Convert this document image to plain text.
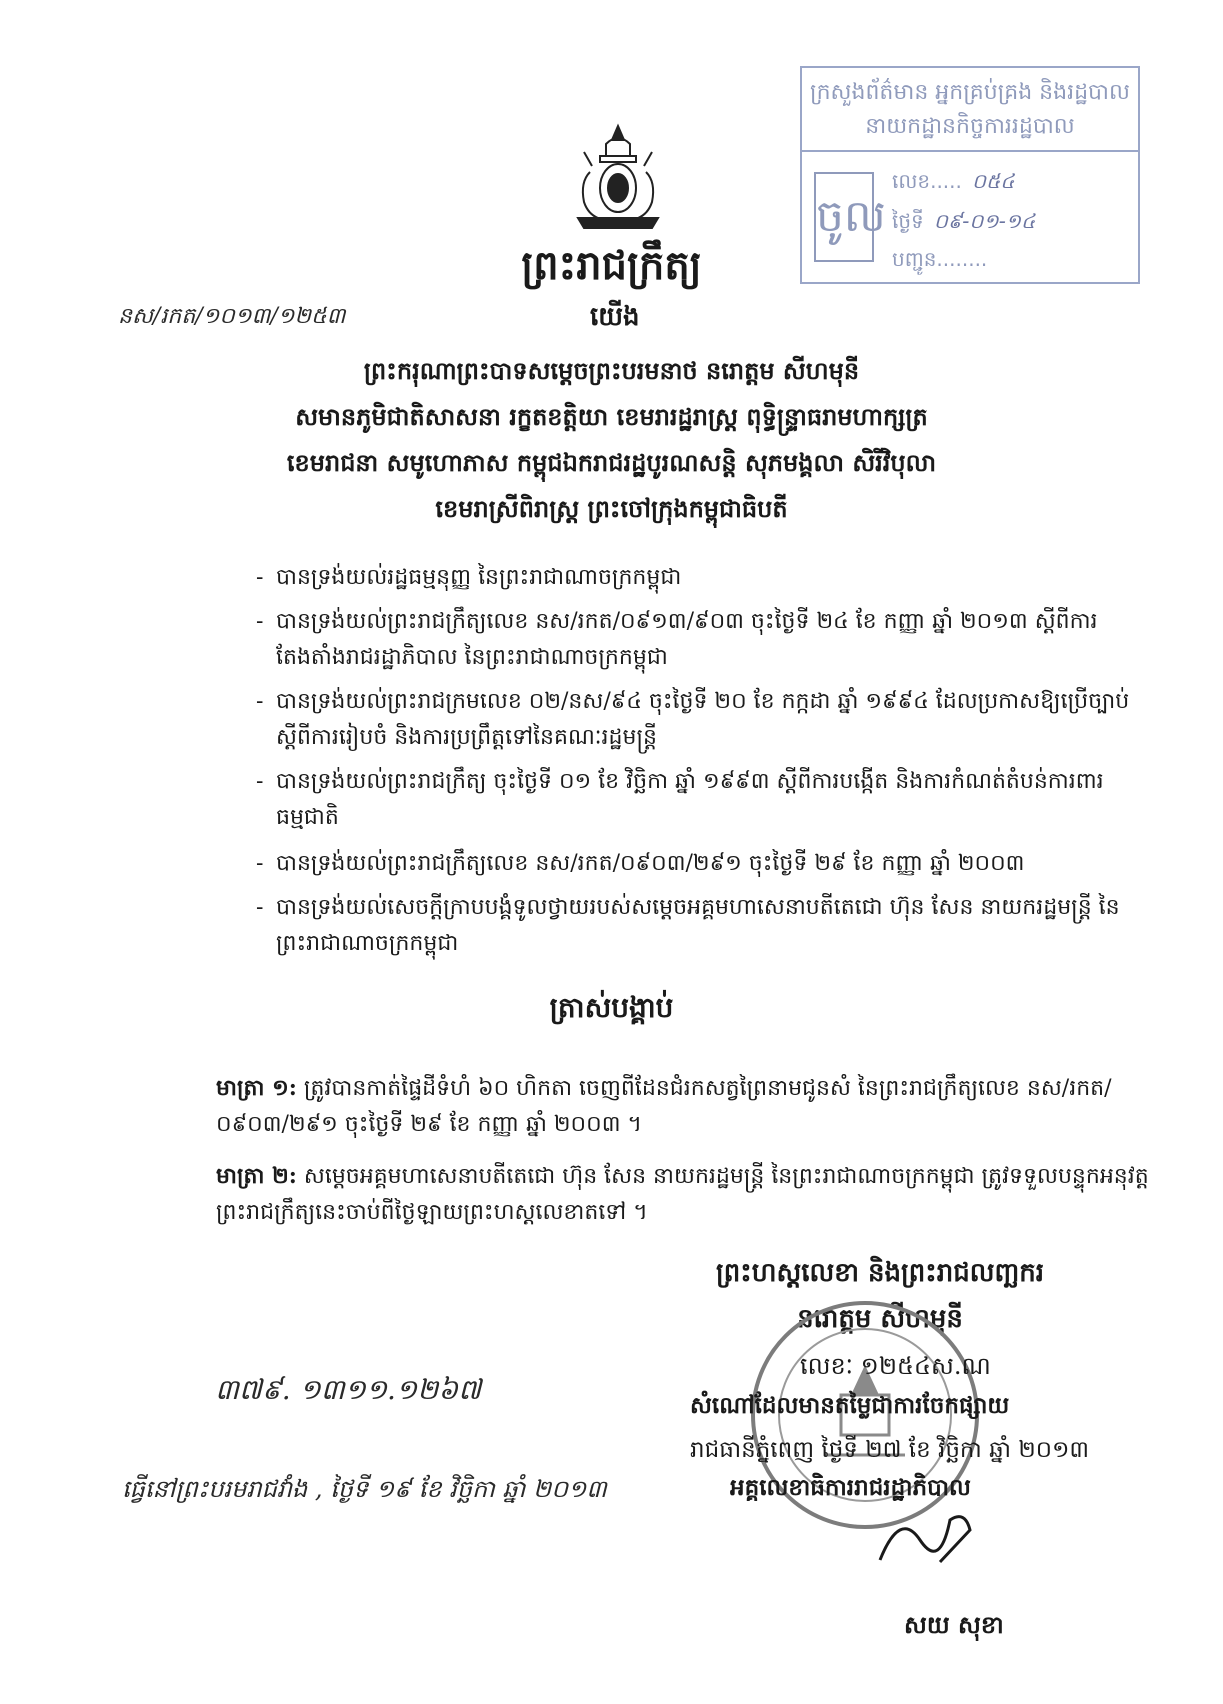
ក្រសួងព័ត៌មាន អ្នកគ្រប់គ្រង និងរដ្ឋបាល
នាយកដ្ឋានកិច្ចការរដ្ឋបាល
ចូល
លេខ..... ០៥៤
ថ្ងៃទី ០៩-០១-១៤
បញ្ជូន........
ព្រះរាជក្រឹត្យ
នស/រកត/១០១៣/១២៥៣	យើង
ព្រះករុណាព្រះបាទសម្តេចព្រះបរមនាថ នរោត្តម សីហមុនី
សមានភូមិជាតិសាសនា រក្ខតខត្តិយា ខេមរារដ្ឋរាស្ត្រ ពុទ្ធិន្ទ្រាធរាមហាក្សត្រ
ខេមរាជនា សមូហោភាស កម្ពុជឯករាជរដ្ឋបូរណសន្តិ សុភមង្គលា សិរីវិបុលា
ខេមរាស្រីពិរាស្ត្រ ព្រះចៅក្រុងកម្ពុជាធិបតី
- បានទ្រង់យល់រដ្ឋធម្មនុញ្ញ នៃព្រះរាជាណាចក្រកម្ពុជា
- បានទ្រង់យល់ព្រះរាជក្រឹត្យលេខ នស/រកត/០៩១៣/៩០៣ ចុះថ្ងៃទី ២៤ ខែ កញ្ញា ឆ្នាំ ២០១៣ ស្តីពីការតែងតាំងរាជរដ្ឋាភិបាល នៃព្រះរាជាណាចក្រកម្ពុជា
- បានទ្រង់យល់ព្រះរាជក្រមលេខ ០២/នស/៩៤ ចុះថ្ងៃទី ២០ ខែ កក្កដា ឆ្នាំ ១៩៩៤ ដែលប្រកាសឱ្យប្រើច្បាប់ស្តីពីការរៀបចំ និងការប្រព្រឹត្តទៅនៃគណៈរដ្ឋមន្ត្រី
- បានទ្រង់យល់ព្រះរាជក្រឹត្យ ចុះថ្ងៃទី ០១ ខែ វិច្ឆិកា ឆ្នាំ ១៩៩៣ ស្តីពីការបង្កើត និងការកំណត់តំបន់ការពារធម្មជាតិ
- បានទ្រង់យល់ព្រះរាជក្រឹត្យលេខ នស/រកត/០៩០៣/២៩១ ចុះថ្ងៃទី ២៩ ខែ កញ្ញា ឆ្នាំ ២០០៣
- បានទ្រង់យល់សេចក្តីក្រាបបង្គំទូលថ្វាយរបស់សម្តេចអគ្គមហាសេនាបតីតេជោ ហ៊ុន សែន នាយករដ្ឋមន្ត្រី នៃព្រះរាជាណាចក្រកម្ពុជា
ត្រាស់បង្គាប់
មាត្រា ១: ត្រូវបានកាត់ផ្ទៃដីទំហំ ៦០ ហិកតា ចេញពីដែនជំរកសត្វព្រៃនាមជូនសំ នៃព្រះរាជក្រឹត្យលេខ នស/រកត/០៩០៣/២៩១ ចុះថ្ងៃទី ២៩ ខែ កញ្ញា ឆ្នាំ ២០០៣ ។
មាត្រា ២: សម្តេចអគ្គមហាសេនាបតីតេជោ ហ៊ុន សែន នាយករដ្ឋមន្ត្រី នៃព្រះរាជាណាចក្រកម្ពុជា ត្រូវទទួលបន្ទុកអនុវត្ត ព្រះរាជក្រឹត្យនេះចាប់ពីថ្ងៃឡាយព្រះហស្តលេខាតទៅ ។
ព្រះហស្តលេខា និងព្រះរាជលញ្ឆករ
នរោត្តម សីហមុនី
៣៧៩. ១៣១១.១២៦៧
ធ្វើនៅព្រះបរមរាជវាំង , ថ្ងៃទី ១៩ ខែ វិច្ឆិកា ឆ្នាំ ២០១៣
លេខៈ ១២៥៤ស.ណ
សំណៅដែលមានតម្លៃជាការចែកផ្សាយ
រាជធានីភ្នំពេញ ថ្ងៃទី ២៧ ខែ វិច្ឆិកា ឆ្នាំ ២០១៣
អគ្គលេខាធិការរាជរដ្ឋាភិបាល
សយ សុខា
